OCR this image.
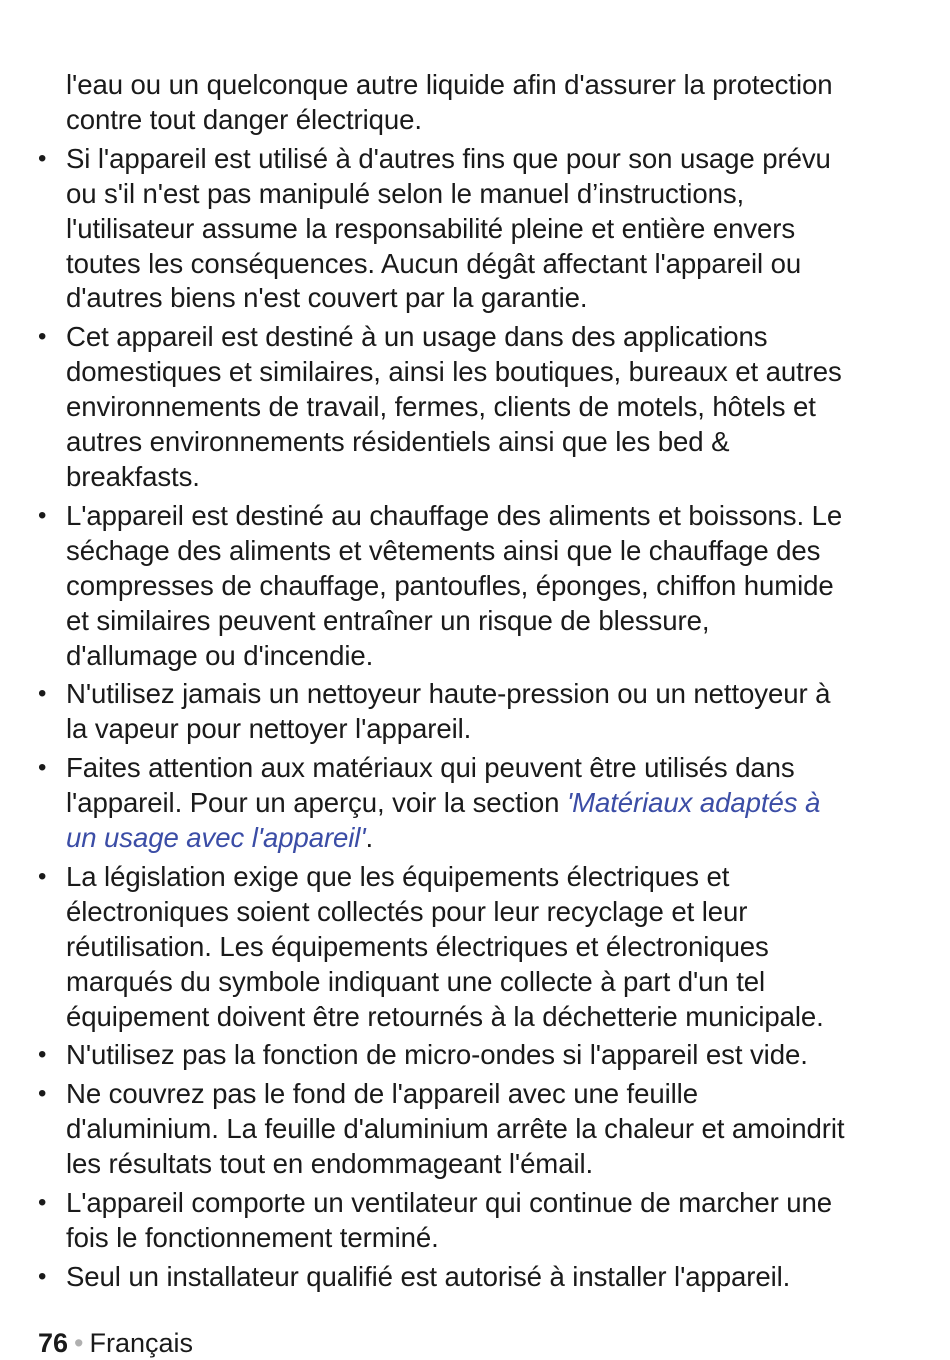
l'eau ou un quelconque autre liquide afin d'assurer la protection
contre tout danger électrique.
• Si l'appareil est utilisé à d'autres fins que pour son usage prévu
ou s'il n'est pas manipulé selon le manuel d’instructions,
l'utilisateur assume la responsabilité pleine et entière envers
toutes les conséquences. Aucun dégât affectant l'appareil ou
d'autres biens n'est couvert par la garantie.
• Cet appareil est destiné à un usage dans des applications
domestiques et similaires, ainsi les boutiques, bureaux et autres
environnements de travail, fermes, clients de motels, hôtels et
autres environnements résidentiels ainsi que les bed &
breakfasts.
• L'appareil est destiné au chauffage des aliments et boissons. Le
séchage des aliments et vêtements ainsi que le chauffage des
compresses de chauffage, pantoufles, éponges, chiffon humide
et similaires peuvent entraîner un risque de blessure,
d'allumage ou d'incendie.
• N'utilisez jamais un nettoyeur haute-pression ou un nettoyeur à
la vapeur pour nettoyer l'appareil.
• Faites attention aux matériaux qui peuvent être utilisés dans
l'appareil. Pour un aperçu, voir la section 'Matériaux adaptés à
un usage avec l'appareil'.
• La législation exige que les équipements électriques et
électroniques soient collectés pour leur recyclage et leur
réutilisation. Les équipements électriques et électroniques
marqués du symbole indiquant une collecte à part d'un tel
équipement doivent être retournés à la déchetterie municipale.
• N'utilisez pas la fonction de micro-ondes si l'appareil est vide.
• Ne couvrez pas le fond de l'appareil avec une feuille
d'aluminium. La feuille d'aluminium arrête la chaleur et amoindrit
les résultats tout en endommageant l'émail.
• L'appareil comporte un ventilateur qui continue de marcher une
fois le fonctionnement terminé.
• Seul un installateur qualifié est autorisé à installer l'appareil.
76 • Français
